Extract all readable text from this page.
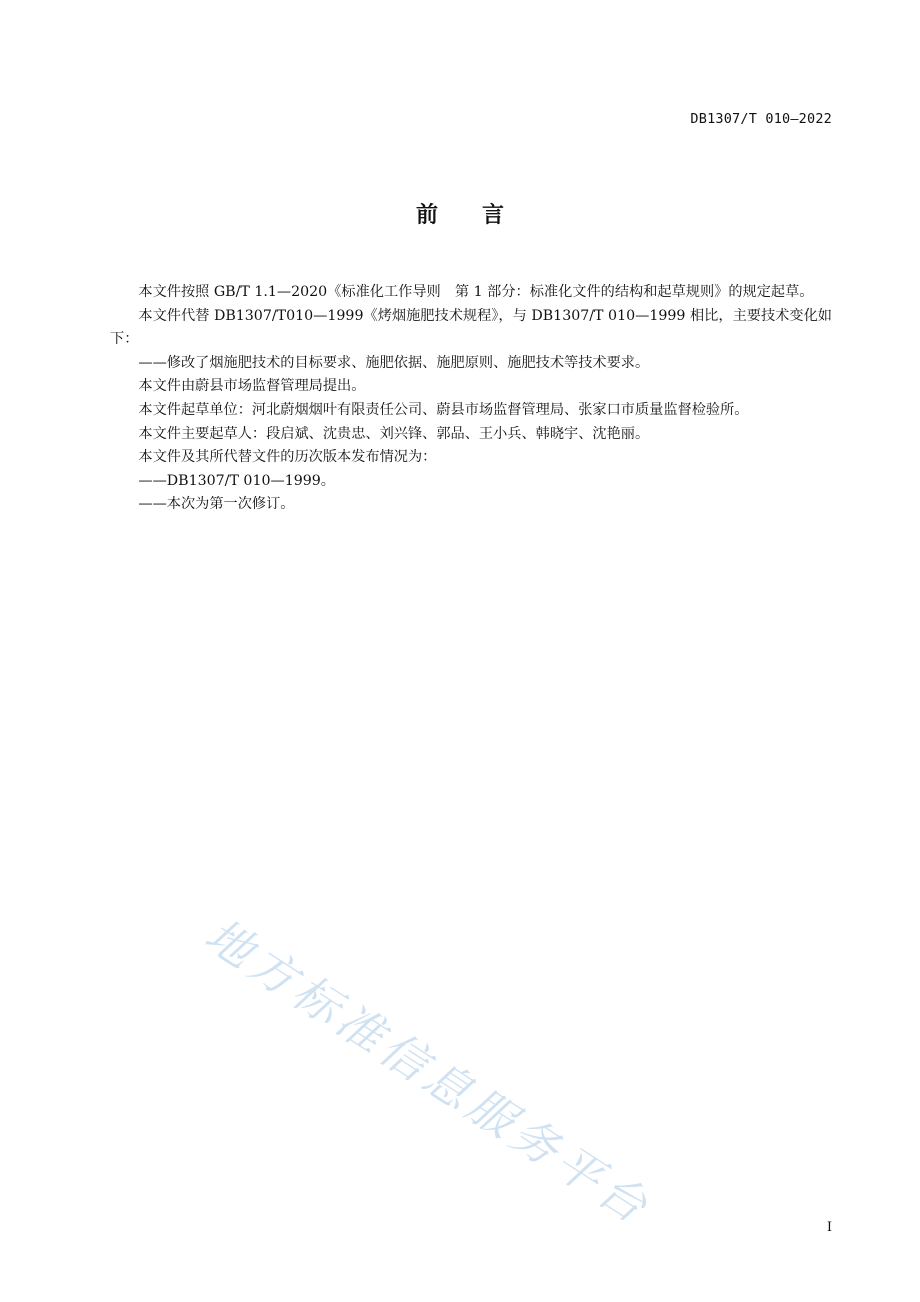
DB1307/T 010—2022
前　　言

本文件按照 GB/T 1.1—2020《标准化工作导则　第 1 部分：标准化文件的结构和起草规则》的规定起草。

本文件代替 DB1307/T010—1999《烤烟施肥技术规程》，与 DB1307/T 010—1999 相比，主要技术变化如下：

——修改了烟施肥技术的目标要求、施肥依据、施肥原则、施肥技术等技术要求。

本文件由蔚县市场监督管理局提出。

本文件起草单位：河北蔚烟烟叶有限责任公司、蔚县市场监督管理局、张家口市质量监督检验所。

本文件主要起草人：段启斌、沈贵忠、刘兴锋、郭品、王小兵、韩晓宇、沈艳丽。

本文件及其所代替文件的历次版本发布情况为：

——DB1307/T 010—1999。

——本次为第一次修订。

地方标准信息服务平台	I
